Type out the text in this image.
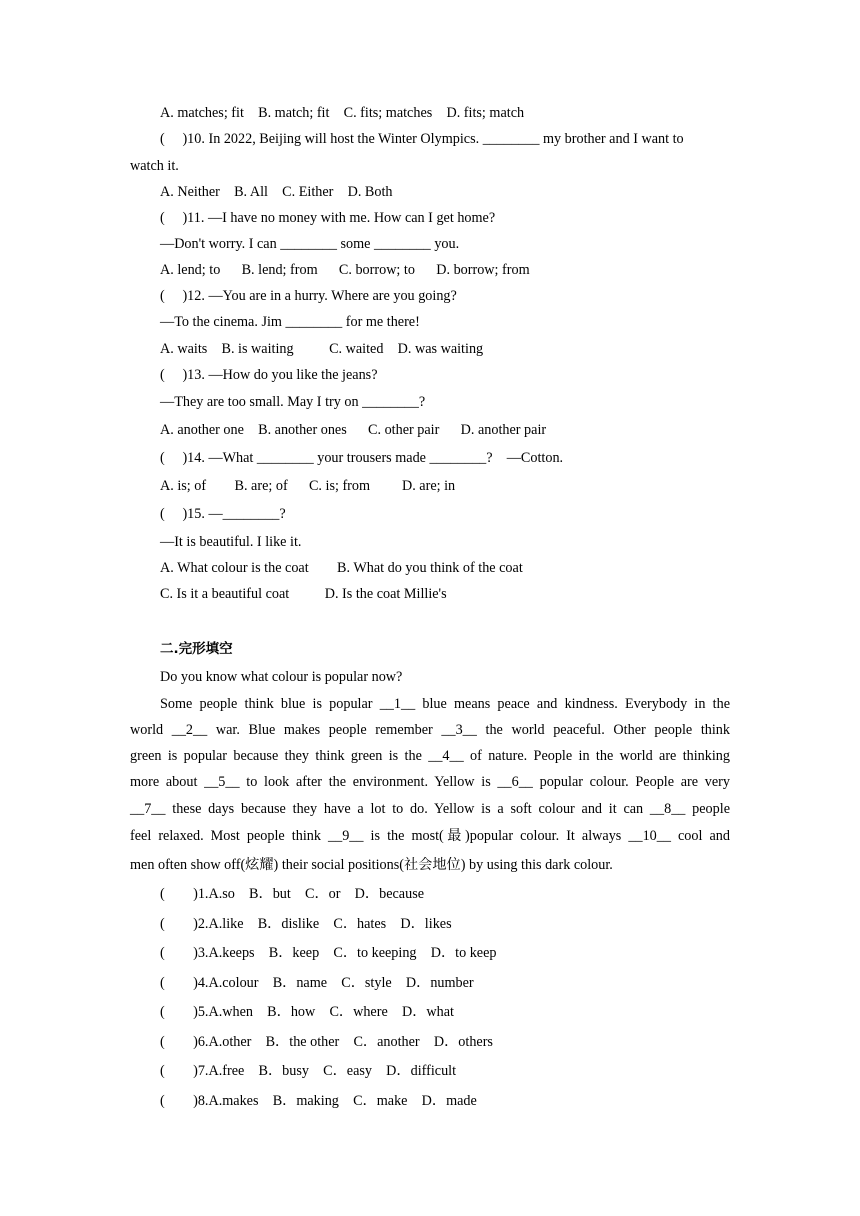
A. matches; fit    B. match; fit    C. fits; matches    D. fits; match
(     )10. In 2022, Beijing will host the Winter Olympics. ________ my brother and I want to
watch it.
A. Neither    B. All    C. Either    D. Both
(     )11. —I have no money with me. How can I get home?
—Don't worry. I can ________ some ________ you.
A. lend; to      B. lend; from      C. borrow; to      D. borrow; from
(     )12. —You are in a hurry. Where are you going?
—To the cinema. Jim ________ for me there!
A. waits    B. is waiting          C. waited    D. was waiting
(     )13. —How do you like the jeans?
—They are too small. May I try on ________?
A. another one    B. another ones      C. other pair      D. another pair
(     )14. —What ________ your trousers made ________?    —Cotton.
A. is; of        B. are; of      C. is; from         D. are; in
(     )15. —________?
—It is beautiful. I like it.
A. What colour is the coat        B. What do you think of the coat
C. Is it a beautiful coat          D. Is the coat Millie's
二.完形填空
Do you know what colour is popular now?
Some people think blue is popular __1__ blue means peace and kindness. Everybody in the
world __2__ war. Blue makes people remember __3__ the world peaceful. Other people think
green is popular because they think green is the __4__ of nature. People in the world are thinking
more about __5__ to look after the environment. Yellow is __6__ popular colour. People are very
__7__ these days because they have a lot to do. Yellow is a soft colour and it can __8__ people
feel relaxed. Most people think __9__ is the most(最)popular colour. It always __10__ cool and
men often show off(炫耀) their social positions(社会地位) by using this dark colour.
(        )1.A.so    B．but    C．or    D．because
(        )2.A.like    B．dislike    C．hates    D．likes
(        )3.A.keeps    B．keep    C．to keeping    D．to keep
(        )4.A.colour    B．name    C．style    D．number
(        )5.A.when    B．how    C．where    D．what
(        )6.A.other    B．the other    C．another    D．others
(        )7.A.free    B．busy    C．easy    D．difficult
(        )8.A.makes    B．making    C．make    D．made
